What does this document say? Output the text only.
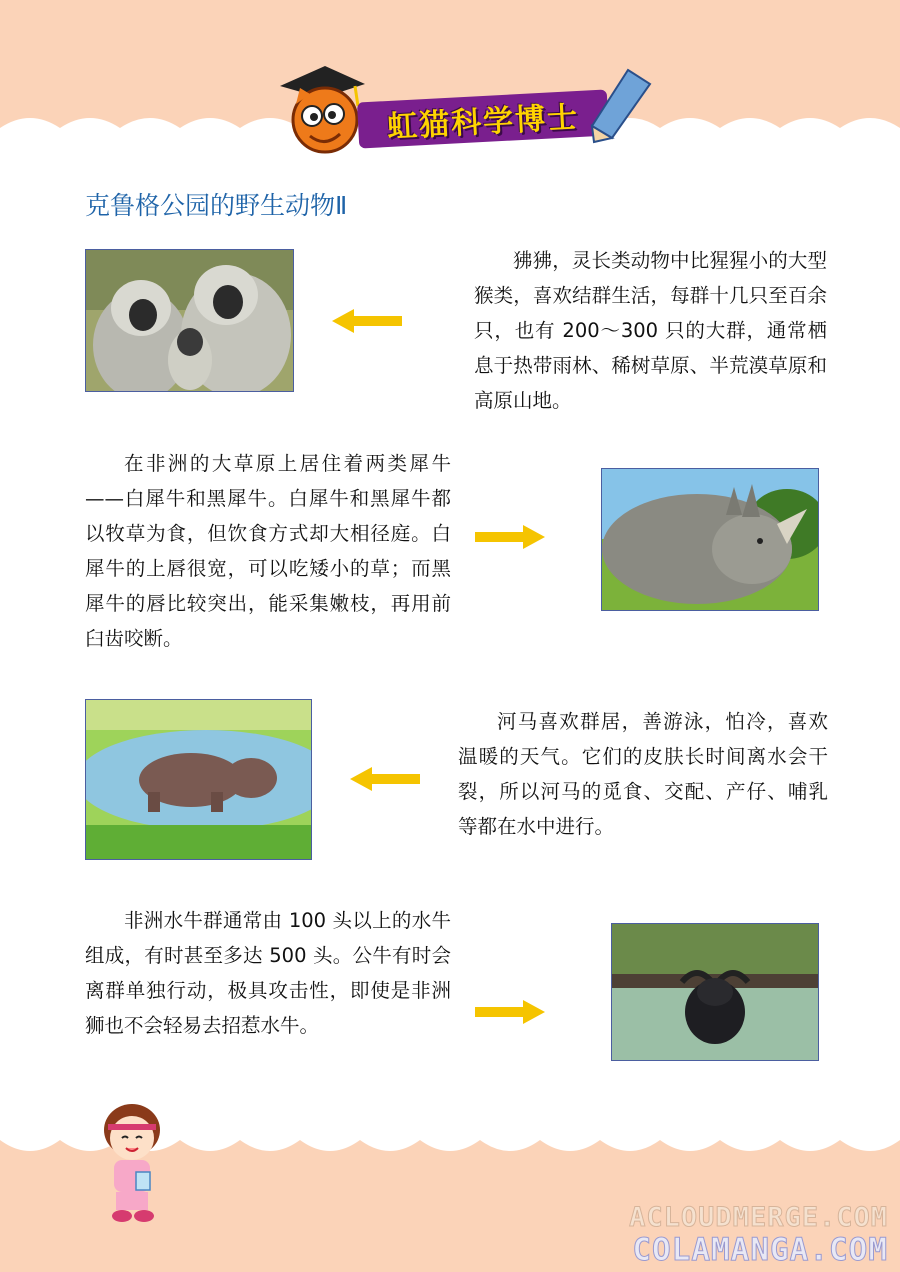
虹猫科学博士
克鲁格公园的野生动物Ⅱ
狒狒，灵长类动物中比猩猩小的大型猴类，喜欢结群生活，每群十几只至百余只，也有 200～300 只的大群，通常栖息于热带雨林、稀树草原、半荒漠草原和高原山地。
在非洲的大草原上居住着两类犀牛——白犀牛和黑犀牛。白犀牛和黑犀牛都以牧草为食，但饮食方式却大相径庭。白犀牛的上唇很宽，可以吃矮小的草；而黑犀牛的唇比较突出，能采集嫩枝，再用前臼齿咬断。
河马喜欢群居，善游泳，怕冷，喜欢温暖的天气。它们的皮肤长时间离水会干裂，所以河马的觅食、交配、产仔、哺乳等都在水中进行。
非洲水牛群通常由 100 头以上的水牛组成，有时甚至多达 500 头。公牛有时会离群单独行动，极具攻击性，即使是非洲狮也不会轻易去招惹水牛。
ACLOUDMERGE.COM
COLAMANGA.COM
